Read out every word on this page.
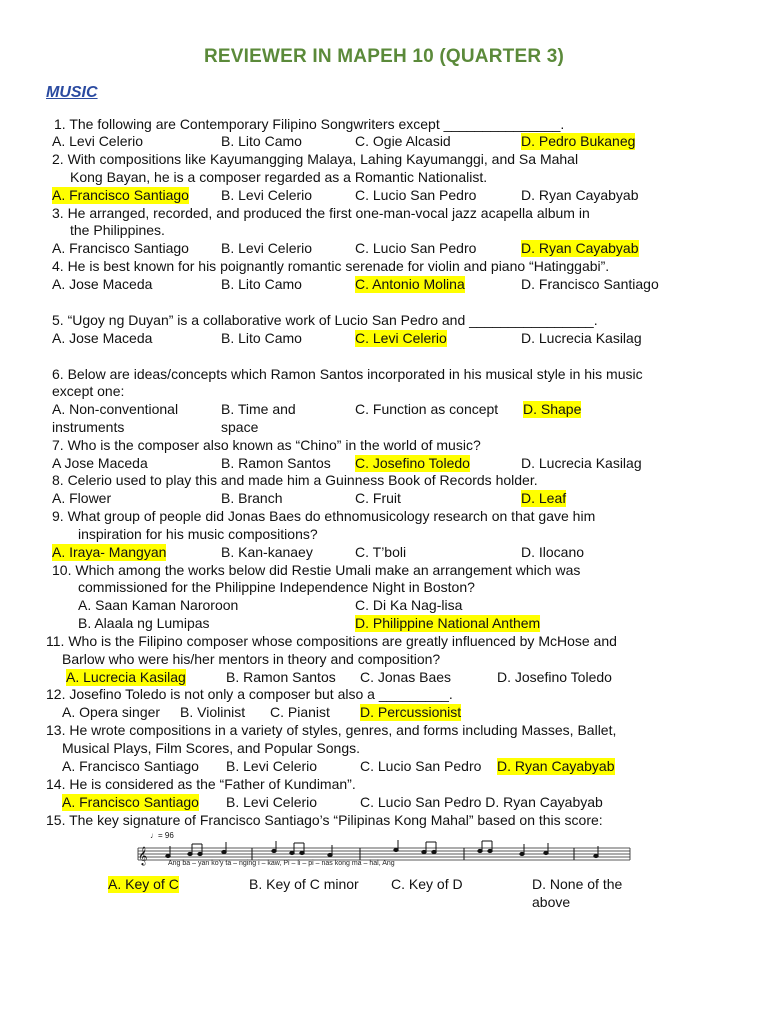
REVIEWER IN MAPEH 10 (QUARTER 3)
MUSIC
1. The following are Contemporary Filipino Songwriters except _______________.
A. Levi Celerio	B. Lito Camo	C. Ogie Alcasid	D. Pedro Bukaneg
2. With compositions like Kayumangging Malaya, Lahing Kayumanggi, and Sa Mahal
Kong Bayan, he is a composer regarded as a Romantic Nationalist.
A. Francisco Santiago B. Levi Celerio	C. Lucio San Pedro	D. Ryan Cayabyab
3. He arranged, recorded, and produced the first one-man-vocal jazz acapella album in
the Philippines.
A. Francisco Santiago B. Levi Celerio	C. Lucio San Pedro	D. Ryan Cayabyab
4. He is best known for his poignantly romantic serenade for violin and piano “Hatinggabi”.
A. Jose Maceda	B. Lito Camo	C. Antonio Molina	D. Francisco Santiago
5. “Ugoy ng Duyan” is a collaborative work of Lucio San Pedro and ________________.
A. Jose Maceda	B. Lito Camo	C. Levi Celerio	D. Lucrecia Kasilag
6. Below are ideas/concepts which Ramon Santos incorporated in his musical style in his music
except one:
A. Non-conventional	B. Time and	C. Function as concept D. Shape
instruments	space
7. Who is the composer also known as “Chino” in the world of music?
A Jose Maceda	B. Ramon Santos C. Josefino Toledo	D. Lucrecia Kasilag
8. Celerio used to play this and made him a Guinness Book of Records holder.
A. Flower	B. Branch	C. Fruit	D. Leaf
9. What group of people did Jonas Baes do ethnomusicology research on that gave him
inspiration for his music compositions?
A. Iraya- Mangyan	B. Kan-kanaey	C. T’boli	D. Ilocano
10. Which among the works below did Restie Umali make an arrangement which was
commissioned for the Philippine Independence Night in Boston?
A. Saan Kaman Naroroon	C. Di Ka Nag-lisa
B. Alaala ng Lumipas	D. Philippine National Anthem
11. Who is the Filipino composer whose compositions are greatly influenced by McHose and
Barlow who were his/her mentors in theory and composition?
A. Lucrecia Kasilag	B. Ramon Santos C. Jonas Baes	D. Josefino Toledo
12. Josefino Toledo is not only a composer but also a _________.
A. Opera singer B. Violinist C. Pianist D. Percussionist
13. He wrote compositions in a variety of styles, genres, and forms including Masses, Ballet,
Musical Plays, Film Scores, and Popular Songs.
A. Francisco Santiago B. Levi Celerio	C. Lucio San Pedro D. Ryan Cayabyab
14. He is considered as the “Father of Kundiman”.
A. Francisco Santiago B. Levi Celerio	C. Lucio San Pedro D. Ryan Cayabyab
15. The key signature of Francisco Santiago’s “Pilipinas Kong Mahal” based on this score:
A. Key of C	B. Key of C minor C. Key of D	D. None of the
above
𝄞
♩= 96
Ang ba – yan ko'y ta – nging i – kaw, Pi – li – pi – nas kong ma – hal, Ang
